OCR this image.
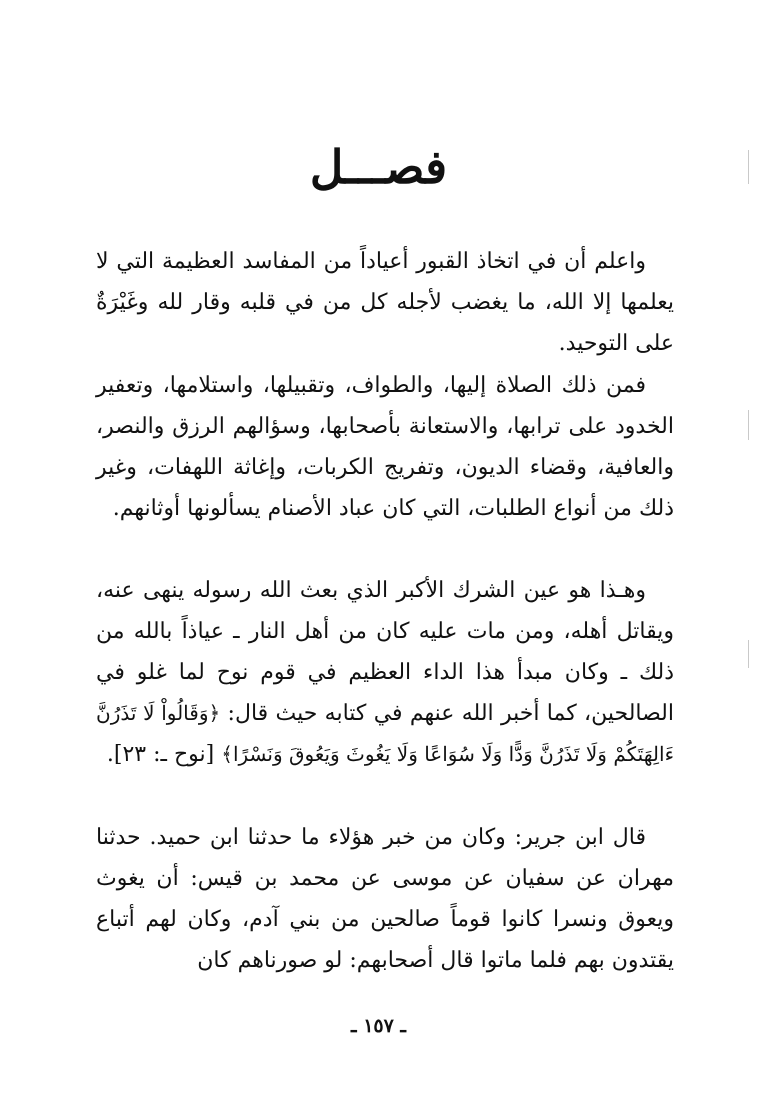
فصـــل

واعلم أن في اتخاذ القبور أعياداً من المفاسد العظيمة التي لا يعلمها إلا الله، ما يغضب لأجله كل من في قلبه وقار لله وغَيْرَةٌ على التوحيد.

فمن ذلك الصلاة إليها، والطواف، وتقبيلها، واستلامها، وتعفير الخدود على ترابها، والاستعانة بأصحابها، وسؤالهم الرزق والنصر، والعافية، وقضاء الديون، وتفريج الكربات، وإغاثة اللهفات، وغير ذلك من أنواع الطلبات، التي كان عباد الأصنام يسألونها أوثانهم.

وهـذا هو عين الشرك الأكبر الذي بعث الله رسوله ينهى عنه، ويقاتل أهله، ومن مات عليه كان من أهل النار ـ عياذاً بالله من ذلك ـ وكان مبدأ هذا الداء العظيم في قوم نوح لما غلو في الصالحين، كما أخبر الله عنهم في كتابه حيث قال: ﴿وَقَالُواْ لَا تَذَرُنَّ ءَالِهَتَكُمْ وَلَا تَذَرُنَّ وَدًّا وَلَا سُوَاعًا وَلَا يَغُوثَ وَيَعُوقَ وَنَسْرًا﴾ [نوح ـ: ٢٣].

قال ابن جرير: وكان من خبر هؤلاء ما حدثنا ابن حميد. حدثنا مهران عن سفيان عن موسى عن محمد بن قيس: أن يغوث ويعوق ونسرا كانوا قوماً صالحين من بني آدم، وكان لهم أتباع يقتدون بهم فلما ماتوا قال أصحابهم: لو صورناهم كان

ـ ١٥٧ ـ
